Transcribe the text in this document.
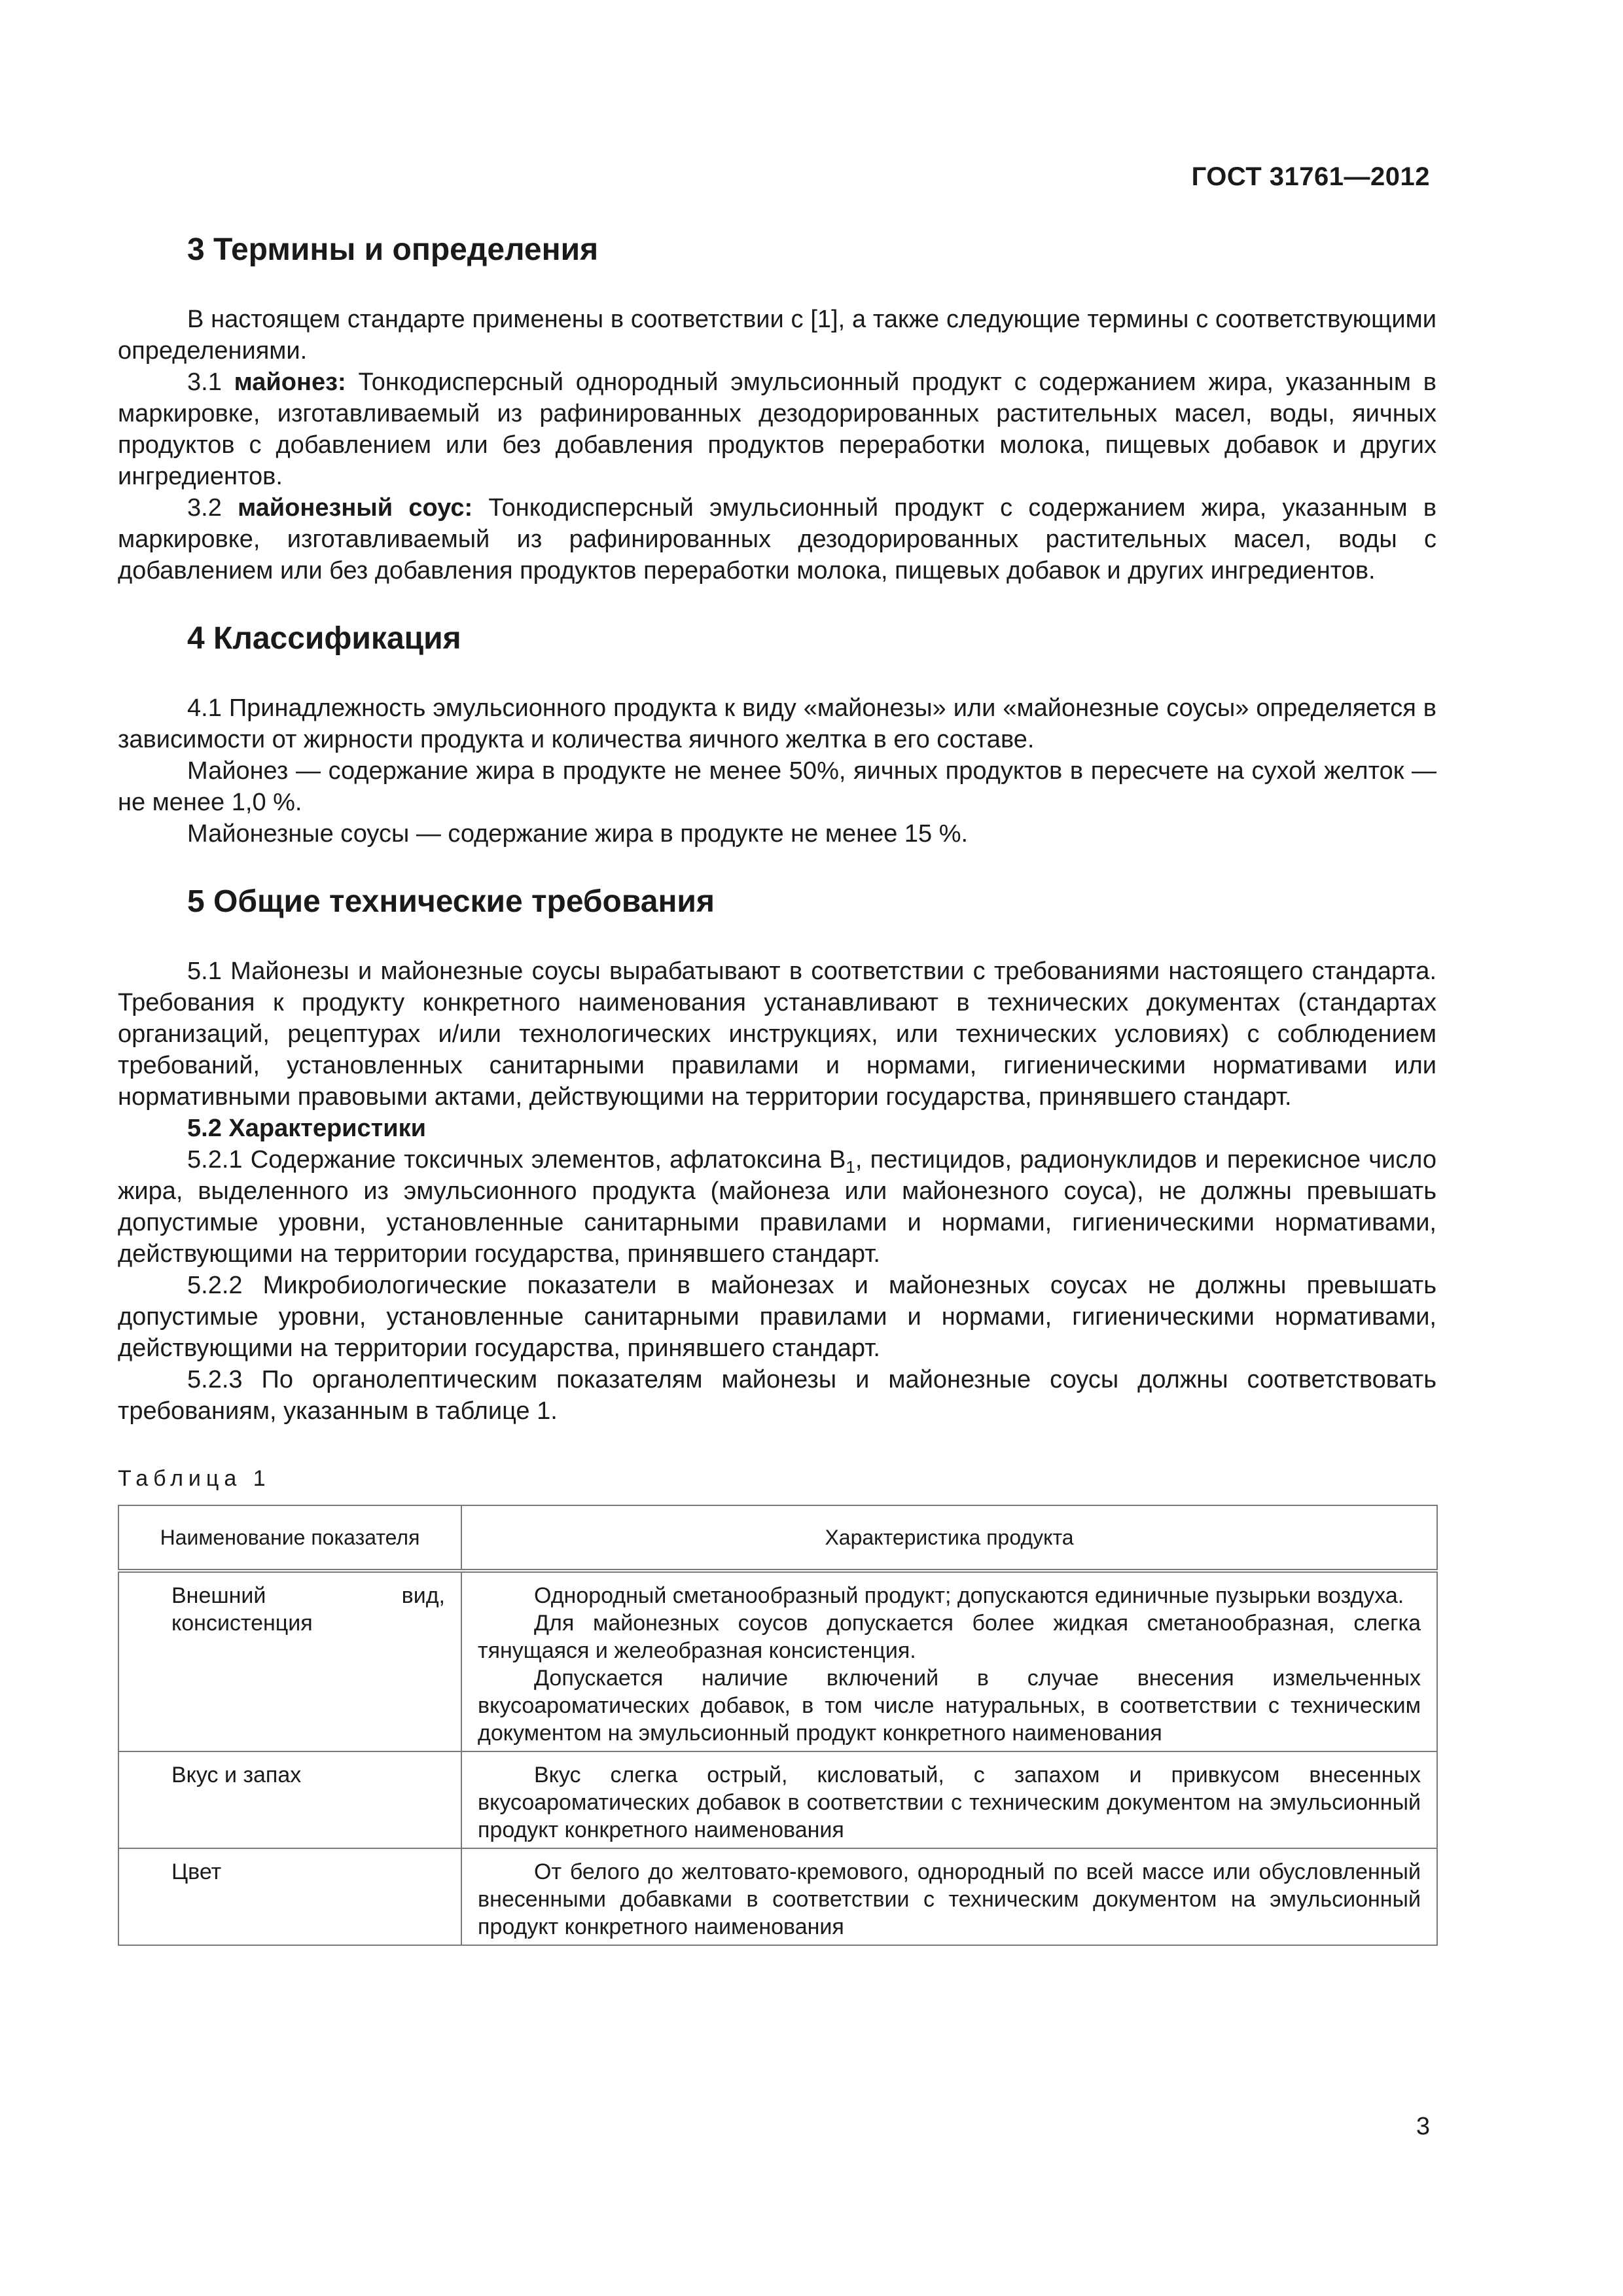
ГОСТ 31761—2012
3 Термины и определения

В настоящем стандарте применены в соответствии с [1], а также следующие термины с соответствующими определениями.

3.1 майонез: Тонкодисперсный однородный эмульсионный продукт с содержанием жира, указанным в маркировке, изготавливаемый из рафинированных дезодорированных растительных масел, воды, яичных продуктов с добавлением или без добавления продуктов переработки молока, пищевых добавок и других ингредиентов.

3.2 майонезный соус: Тонкодисперсный эмульсионный продукт с содержанием жира, указанным в маркировке, изготавливаемый из рафинированных дезодорированных растительных масел, воды с добавлением или без добавления продуктов переработки молока, пищевых добавок и других ингредиентов.

4 Классификация

4.1 Принадлежность эмульсионного продукта к виду «майонезы» или «майонезные соусы» определяется в зависимости от жирности продукта и количества яичного желтка в его составе.

Майонез — содержание жира в продукте не менее 50%, яичных продуктов в пересчете на сухой желток — не менее 1,0 %.

Майонезные соусы — содержание жира в продукте не менее 15 %.

5 Общие технические требования

5.1 Майонезы и майонезные соусы вырабатывают в соответствии с требованиями настоящего стандарта. Требования к продукту конкретного наименования устанавливают в технических документах (стандартах организаций, рецептурах и/или технологических инструкциях, или технических условиях) с соблюдением требований, установленных санитарными правилами и нормами, гигиеническими нормативами или нормативными правовыми актами, действующими на территории государства, принявшего стандарт.

5.2 Характеристики

5.2.1 Содержание токсичных элементов, афлатоксина $В_1$, пестицидов, радионуклидов и перекисное число жира, выделенного из эмульсионного продукта (майонеза или майонезного соуса), не должны превышать допустимые уровни, установленные санитарными правилами и нормами, гигиеническими нормативами, действующими на территории государства, принявшего стандарт.

5.2.2 Микробиологические показатели в майонезах и майонезных соусах не должны превышать допустимые уровни, установленные санитарными правилами и нормами, гигиеническими нормативами, действующими на территории государства, принявшего стандарт.

5.2.3 По органолептическим показателям майонезы и майонезные соусы должны соответствовать требованиям, указанным в таблице 1.

Таблица 1
Наименование показателя	Характеристика продукта
Внешний вид, консистенция	Однородный сметанообразный продукт; допускаются единичные пузырьки воздуха.
Для майонезных соусов допускается более жидкая сметанообразная, слегка тянущаяся и желеобразная консистенция.
Допускается наличие включений в случае внесения измельченных вкусоароматических добавок, в том числе натуральных, в соответствии с техническим документом на эмульсионный продукт конкретного наименования

Вкус и запах	Вкус слегка острый, кисловатый, с запахом и привкусом внесенных вкусоароматических добавок в соответствии с техническим документом на эмульсионный продукт конкретного наименования

Цвет	От белого до желтовато-кремового, однородный по всей массе или обусловленный внесенными добавками в соответствии с техническим документом на эмульсионный продукт конкретного наименования
3
